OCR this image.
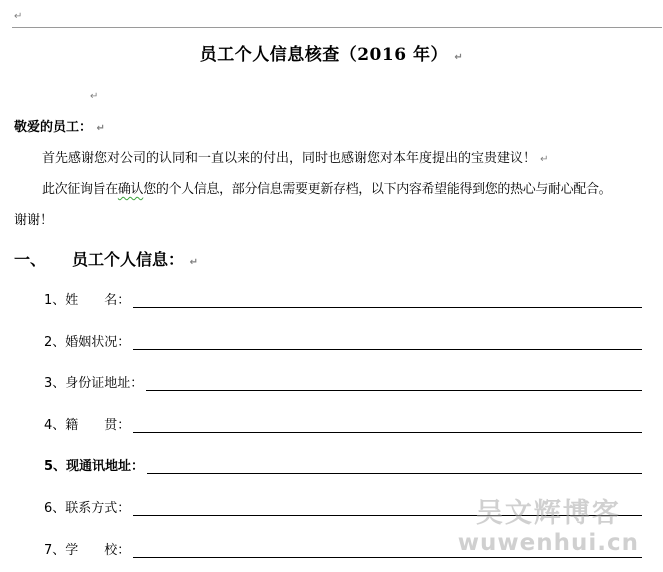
↵
员工个人信息核查（2016 年） ↵
↵
敬爱的员工： ↵
首先感谢您对公司的认同和一直以来的付出，同时也感谢您对本年度提出的宝贵建议！ ↵
此次征询旨在确认您的个人信息，部分信息需要更新存档，以下内容希望能得到您的热心与耐心配合。
谢谢！
一、 员工个人信息： ↵
1、姓　　名：
2、婚姻状况：
3、身份证地址：
4、籍　　贯：
5、现通讯地址：
6、联系方式：
7、学　　校：
吴文辉博客
wuwenhui.cn
